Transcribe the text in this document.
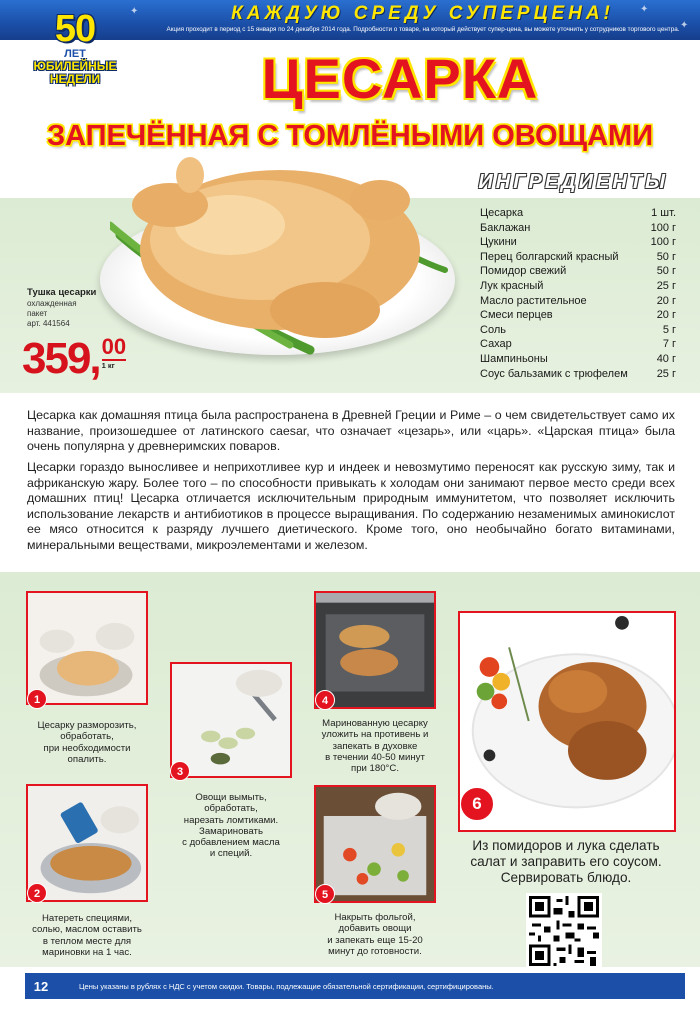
✦	✦
✦
КАЖДУЮ СРЕДУ СУПЕРЦЕНА!
Акция проходит в период с 15 января по 24 декабря 2014 года. Подробности о товаре, на который действует супер-цена, вы можете уточнить у сотрудников торгового центра.
50
ЛЕТ
ЮБИЛЕЙНЫЕ
НЕДЕЛИ	ЦЕСАРКА
ЗАПЕЧЁННАЯ С ТОМЛЁНЫМИ ОВОЩАМИ
Тушка цесарки
охлажденная
пакет
арт. 441564
359, 00
1 кг
ИНГРЕДИЕНТЫ
Цесарка	1 шт.
Баклажан	100 г
Цукини	100 г
Перец болгарский красный	50 г
Помидор свежий	50 г
Лук красный	25 г
Масло растительное	20 г
Смеси перцев	20 г
Соль	5 г
Сахар	7 г
Шампиньоны	40 г
Соус бальзамик с трюфелем	25 г

Цесарка как домашняя птица была распространена в Древней Греции и Риме – о чем свидетельствует само их название, произошедшее от латинского caesar, что означает «цезарь», или «царь». «Царская птица» была очень популярна у древнеримских поваров.

Цесарки гораздо выносливее и неприхотливее кур и индеек и невозмутимо переносят как русскую зиму, так и африканскую жару. Более того – по способности привыкать к холодам они занимают первое место среди всех домашних птиц! Цесарка отличается исключительным природным иммунитетом, что позволяет исключить использование лекарств и антибиотиков в процессе выращивания. По содержанию незаменимых аминокислот ее мясо относится к разряду лучшего диетического. Кроме того, оно необычайно богато витаминами, минеральными веществами, микроэлементами и железом.

1
Цесарку разморозить,
обработать,
при необходимости
опалить.
2
Натереть специями,
солью, маслом оставить
в теплом месте для
мариновки на 1 час.
3
Овощи вымыть,
обработать,
нарезать ломтиками.
Замариновать
с добавлением масла
и специй.
4
Маринованную цесарку
уложить на противень и
запекать в духовке
в течении 40-50 минут
при 180°С.
5
Накрыть фольгой,
добавить овощи
и запекать еще 15-20
минут до готовности.
6
Из помидоров и лука сделать
салат и заправить его соусом.
Сервировать блюдо.
12	Цены указаны в рублях с НДС с учетом скидки. Товары, подлежащие обязательной сертификации, сертифицированы.
